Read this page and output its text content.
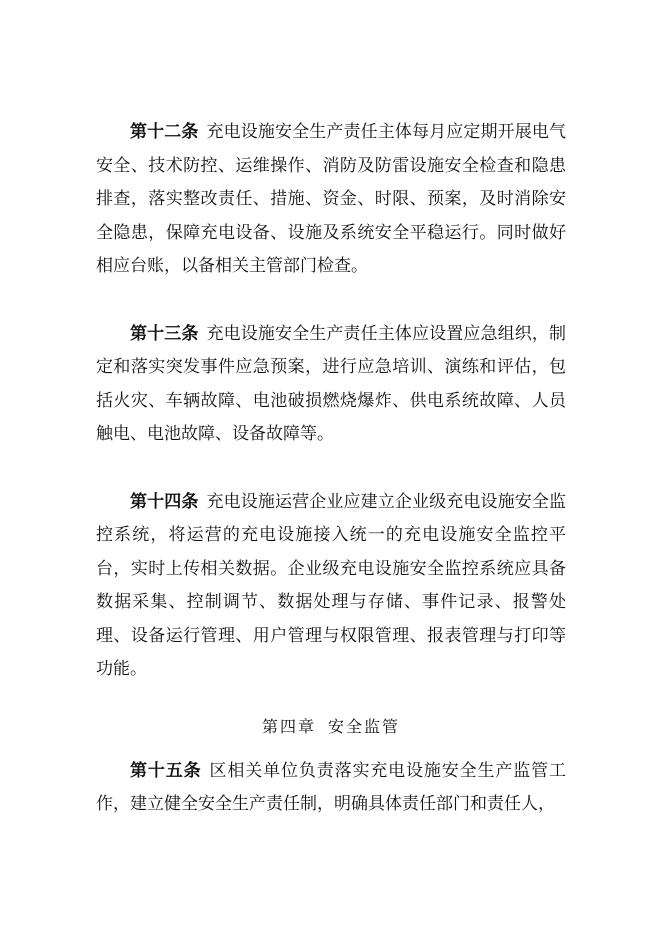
第十二条 充电设施安全生产责任主体每月应定期开展电气安全、技术防控、运维操作、消防及防雷设施安全检查和隐患排查，落实整改责任、措施、资金、时限、预案，及时消除安全隐患，保障充电设备、设施及系统安全平稳运行。同时做好相应台账，以备相关主管部门检查。

第十三条 充电设施安全生产责任主体应设置应急组织，制定和落实突发事件应急预案，进行应急培训、演练和评估，包括火灾、车辆故障、电池破损燃烧爆炸、供电系统故障、人员触电、电池故障、设备故障等。

第十四条 充电设施运营企业应建立企业级充电设施安全监控系统，将运营的充电设施接入统一的充电设施安全监控平台，实时上传相关数据。企业级充电设施安全监控系统应具备数据采集、控制调节、数据处理与存储、事件记录、报警处理、设备运行管理、用户管理与权限管理、报表管理与打印等功能。

第四章 安全监管

第十五条 区相关单位负责落实充电设施安全生产监管工作，建立健全安全生产责任制，明确具体责任部门和责任人，
